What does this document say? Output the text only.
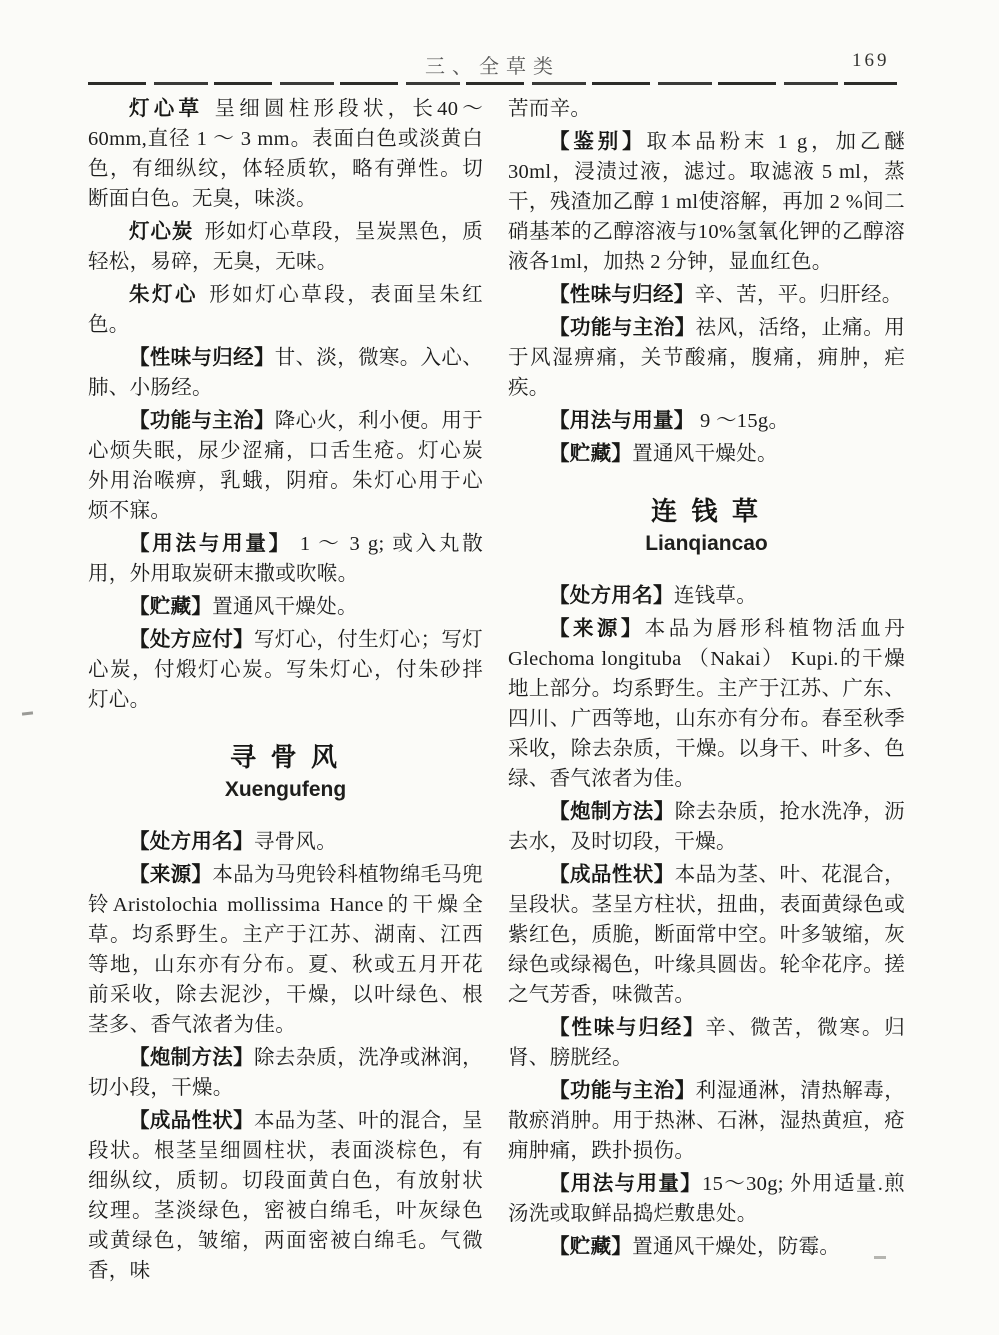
三、全草类	169

灯心草 呈细圆柱形段状，长40～60mm,直径 1 ～ 3 mm。表面白色或淡黄白色，有细纵纹，体轻质软，略有弹性。切断面白色。无臭，味淡。

灯心炭 形如灯心草段，呈炭黑色，质轻松，易碎，无臭，无味。

朱灯心 形如灯心草段，表面呈朱红色。

【性味与归经】甘、淡，微寒。入心、肺、小肠经。

【功能与主治】降心火，利小便。用于心烦失眠，尿少涩痛，口舌生疮。灯心炭外用治喉痹，乳蛾，阴疳。朱灯心用于心烦不寐。

【用法与用量】 1 ～ 3 g; 或入丸散用，外用取炭研末撒或吹喉。

【贮藏】置通风干燥处。

【处方应付】写灯心，付生灯心；写灯心炭，付煅灯心炭。写朱灯心，付朱砂拌灯心。

寻 骨 风
Xuengufeng

【处方用名】寻骨风。

【来源】本品为马兜铃科植物绵毛马兜铃Aristolochia mollissima Hance的干燥全草。均系野生。主产于江苏、湖南、江西等地，山东亦有分布。夏、秋或五月开花前采收，除去泥沙，干燥，以叶绿色、根茎多、香气浓者为佳。

【炮制方法】除去杂质，洗净或淋润，切小段，干燥。

【成品性状】本品为茎、叶的混合，呈段状。根茎呈细圆柱状，表面淡棕色，有细纵纹，质韧。切段面黄白色，有放射状纹理。茎淡绿色，密被白绵毛，叶灰绿色或黄绿色，皱缩，两面密被白绵毛。气微香，味

苦而辛。

【鉴别】取本品粉末 1 g，加乙醚30ml，浸渍过液，滤过。取滤液 5 ml，蒸干，残渣加乙醇 1 ml使溶解，再加 2 %间二硝基苯的乙醇溶液与10%氢氧化钾的乙醇溶液各1ml，加热 2 分钟，显血红色。

【性味与归经】辛、苦，平。归肝经。

【功能与主治】祛风，活络，止痛。用于风湿痹痛，关节酸痛，腹痛，痈肿，疟疾。

【用法与用量】 9 ～15g。

【贮藏】置通风干燥处。

连 钱 草
Lianqiancao

【处方用名】连钱草。

【来源】本品为唇形科植物活血丹Glechoma longituba （Nakai） Kupi.的干燥地上部分。均系野生。主产于江苏、广东、四川、广西等地，山东亦有分布。春至秋季采收，除去杂质，干燥。以身干、叶多、色绿、香气浓者为佳。

【炮制方法】除去杂质，抢水洗净，沥去水，及时切段，干燥。

【成品性状】本品为茎、叶、花混合，呈段状。茎呈方柱状，扭曲，表面黄绿色或紫红色，质脆，断面常中空。叶多皱缩，灰绿色或绿褐色，叶缘具圆齿。轮伞花序。搓之气芳香，味微苦。

【性味与归经】辛、微苦，微寒。归肾、膀胱经。

【功能与主治】利湿通淋，清热解毒，散瘀消肿。用于热淋、石淋，湿热黄疸，疮痈肿痛，跌扑损伤。

【用法与用量】15～30g; 外用适量.煎汤洗或取鲜品捣烂敷患处。

【贮藏】置通风干燥处，防霉。
